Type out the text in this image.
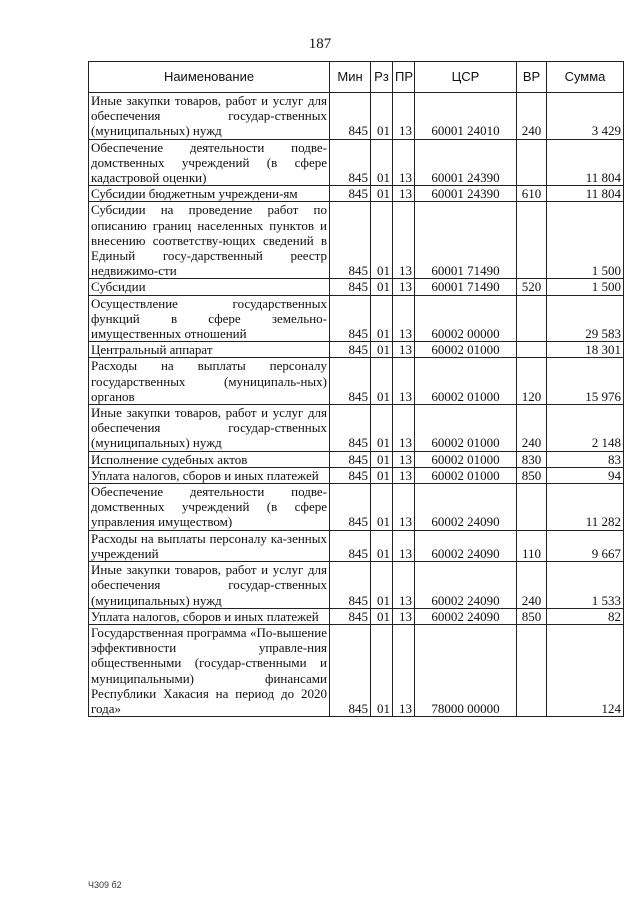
187
Наименование	Мин	Рз	ПР	ЦСР	ВР	Сумма
Иные закупки товаров, работ и услуг для обеспечения государ-ственных (муниципальных) нужд	845	01	13	60001 24010	240	3 429
Обеспечение деятельности подве-домственных учреждений (в сфере кадастровой оценки)	845	01	13	60001 24390		11 804
Субсидии бюджетным учреждени-ям	845	01	13	60001 24390	610	11 804
Субсидии на проведение работ по описанию границ населенных пунктов и внесению соответству-ющих сведений в Единый госу-дарственный реестр недвижимо-сти	845	01	13	60001 71490		1 500
Субсидии	845	01	13	60001 71490	520	1 500
Осуществление государственных функций в сфере земельно-имущественных отношений	845	01	13	60002 00000		29 583
Центральный аппарат	845	01	13	60002 01000		18 301
Расходы на выплаты персоналу государственных (муниципаль-ных) органов	845	01	13	60002 01000	120	15 976
Иные закупки товаров, работ и услуг для обеспечения государ-ственных (муниципальных) нужд	845	01	13	60002 01000	240	2 148
Исполнение судебных актов	845	01	13	60002 01000	830	83
Уплата налогов, сборов и иных платежей	845	01	13	60002 01000	850	94
Обеспечение деятельности подве-домственных учреждений (в сфере управления имуществом)	845	01	13	60002 24090		11 282
Расходы на выплаты персоналу ка-зенных учреждений	845	01	13	60002 24090	110	9 667
Иные закупки товаров, работ и услуг для обеспечения государ-ственных (муниципальных) нужд	845	01	13	60002 24090	240	1 533
Уплата налогов, сборов и иных платежей	845	01	13	60002 24090	850	82
Государственная программа «По-вышение эффективности управле-ния общественными (государ-ственными и муниципальными) финансами Республики Хакасия на период до 2020 года»	845	01	13	78000 00000		124
Ч309 б2
